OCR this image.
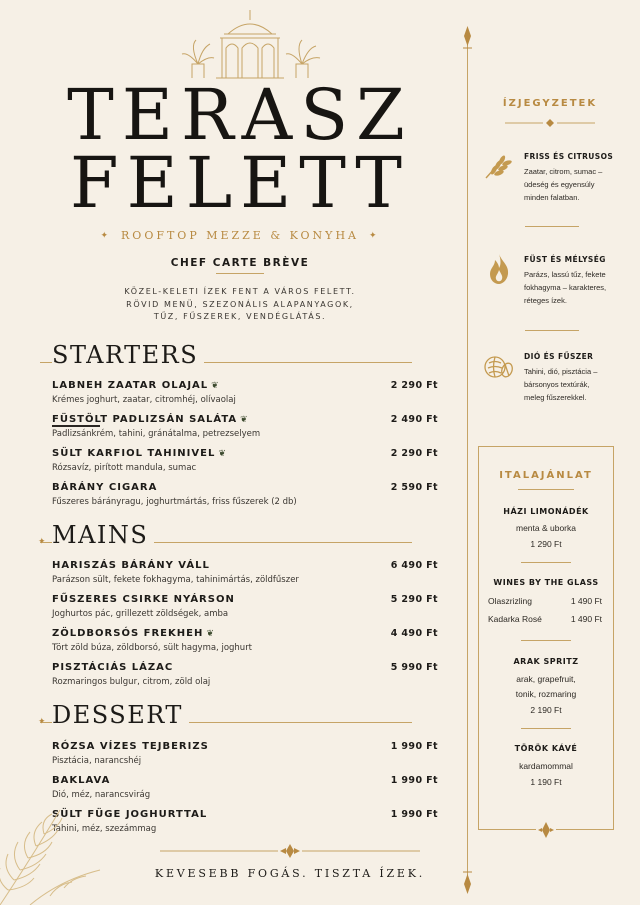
TERASZ
FELETT
✦ ROOFTOP MEZZE & KONYHA ✦
CHEF CARTE BRÈVE
KÖZEL-KELETI ÍZEK FENT A VÁROS FELETT.
RÖVID MENÜ, SZEZONÁLIS ALAPANYAGOK,
TŰZ, FŰSZEREK, VENDÉGLÁTÁS.
STARTERS
LABNEH ZAATAR OLAJAL ❦
Krémes joghurt, zaatar, citromhéj, olívaolaj
2 290 Ft
FÜSTÖLT PADLIZSÁN SALÁTA ❦
Padlizsánkrém, tahini, gránátalma, petrezselyem
2 490 Ft
SÜLT KARFIOL TAHINIVEL ❦
Rózsavíz, pirított mandula, sumac
2 290 Ft
BÁRÁNY CIGARA
Fűszeres bárányragu, joghurtmártás, friss fűszerek (2 db)
2 590 Ft
✦ MAINS
HARISZÁS BÁRÁNY VÁLL
Parázson sült, fekete fokhagyma, tahinimártás, zöldfűszer
6 490 Ft
FŰSZERES CSIRKE NYÁRSON
Joghurtos pác, grillezett zöldségek, amba
5 290 Ft
ZÖLDBORSÓS FREKHEH ❦
Tört zöld búza, zöldborsó, sült hagyma, joghurt
4 490 Ft
PISZTÁCIÁS LÁZAC
Rozmaringos bulgur, citrom, zöld olaj
5 990 Ft
✦ DESSERT
RÓZSA VÍZES TEJBERIZS
Pisztácia, narancshéj
1 990 Ft
BAKLAVA
Dió, méz, narancsvirág
1 990 Ft
SÜLT FÜGE JOGHURTTAL
Tahini, méz, szezámmag
1 990 Ft
KEVESEBB FOGÁS. TISZTA ÍZEK.
ÍZJEGYZETEK
FRISS ÉS CITRUSOS
Zaatar, citrom, sumac –
üdeség és egyensúly
minden falatban.
FÜST ÉS MÉLYSÉG
Parázs, lassú tűz, fekete
fokhagyma – karakteres,
réteges ízek.
DIÓ ÉS FŰSZER
Tahini, dió, pisztácia –
bársonyos textúrák,
meleg fűszerekkel.
ITALAJÁNLAT
HÁZI LIMONÁDÉK
menta & uborka
1 290 Ft
WINES BY THE GLASS
Olaszrizling	1 490 Ft
Kadarka Rosé	1 490 Ft
ARAK SPRITZ
arak, grapefruit,
tonik, rozmaring
2 190 Ft
TÖRÖK KÁVÉ
kardamommal
1 190 Ft
